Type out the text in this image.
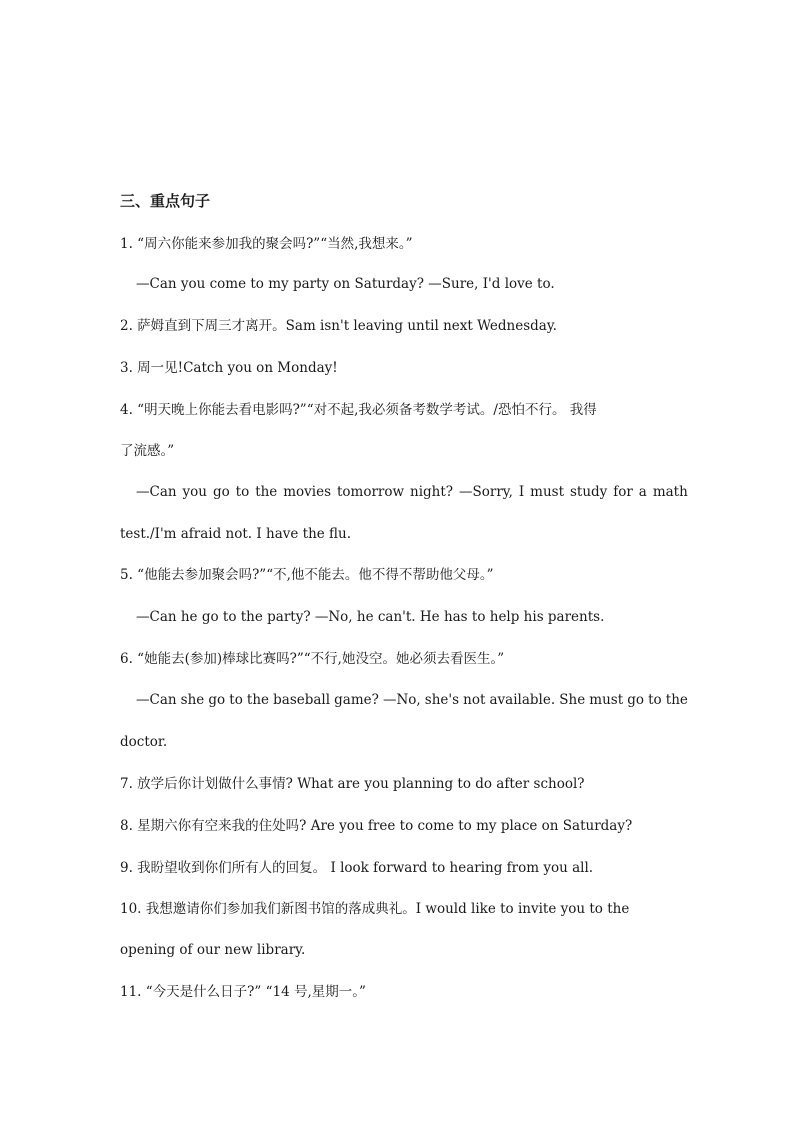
三、重点句子
1. “周六你能来参加我的聚会吗?”“当然,我想来。”
—Can you come to my party on Saturday? —Sure, I'd love to.
2. 萨姆直到下周三才离开。Sam isn't leaving until next Wednesday.
3. 周一见!Catch you on Monday!
4. “明天晚上你能去看电影吗?”“对不起,我必须备考数学考试。/恐怕不行。 我得
了流感。”
—Can you go to the movies tomorrow night? —Sorry, I must study for a math
test./I'm afraid not. I have the flu.
5. “他能去参加聚会吗?”“不,他不能去。他不得不帮助他父母。”
—Can he go to the party? —No, he can't. He has to help his parents.
6. “她能去(参加)棒球比赛吗?”“不行,她没空。她必须去看医生。”
—Can she go to the baseball game? —No, she's not available. She must go to the
doctor.
7. 放学后你计划做什么事情? What are you planning to do after school?
8. 星期六你有空来我的住处吗? Are you free to come to my place on Saturday?
9. 我盼望收到你们所有人的回复。 I look forward to hearing from you all.
10. 我想邀请你们参加我们新图书馆的落成典礼。I would like to invite you to the
opening of our new library.
11. “今天是什么日子?” “14 号,星期一。”
